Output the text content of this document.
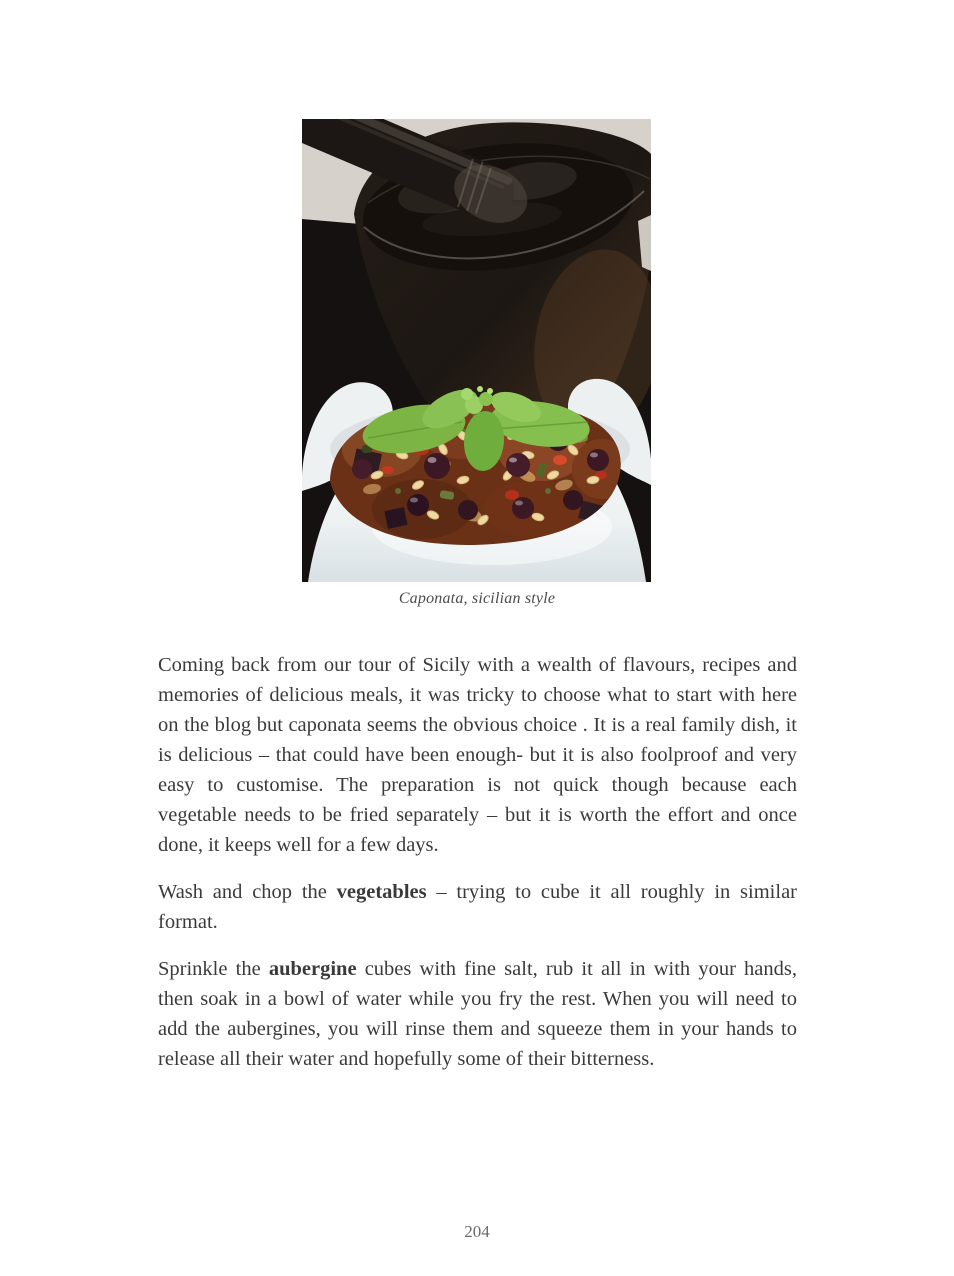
Caponata, sicilian style

Coming back from our tour of Sicily with a wealth of flavours, recipes and memories of delicious meals, it was tricky to choose what to start with here on the blog but caponata seems the obvious choice . It is a real family dish, it is delicious – that could have been enough- but it is also foolproof and very easy to customise. The preparation is not quick though because each vegetable needs to be fried separately – but it is worth the effort and once done, it keeps well for a few days.

Wash and chop the vegetables – trying to cube it all roughly in similar format.

Sprinkle the aubergine cubes with fine salt, rub it all in with your hands, then soak in a bowl of water while you fry the rest. When you will need to add the aubergines, you will rinse them and squeeze them in your hands to release all their water and hopefully some of their bitterness.

204
